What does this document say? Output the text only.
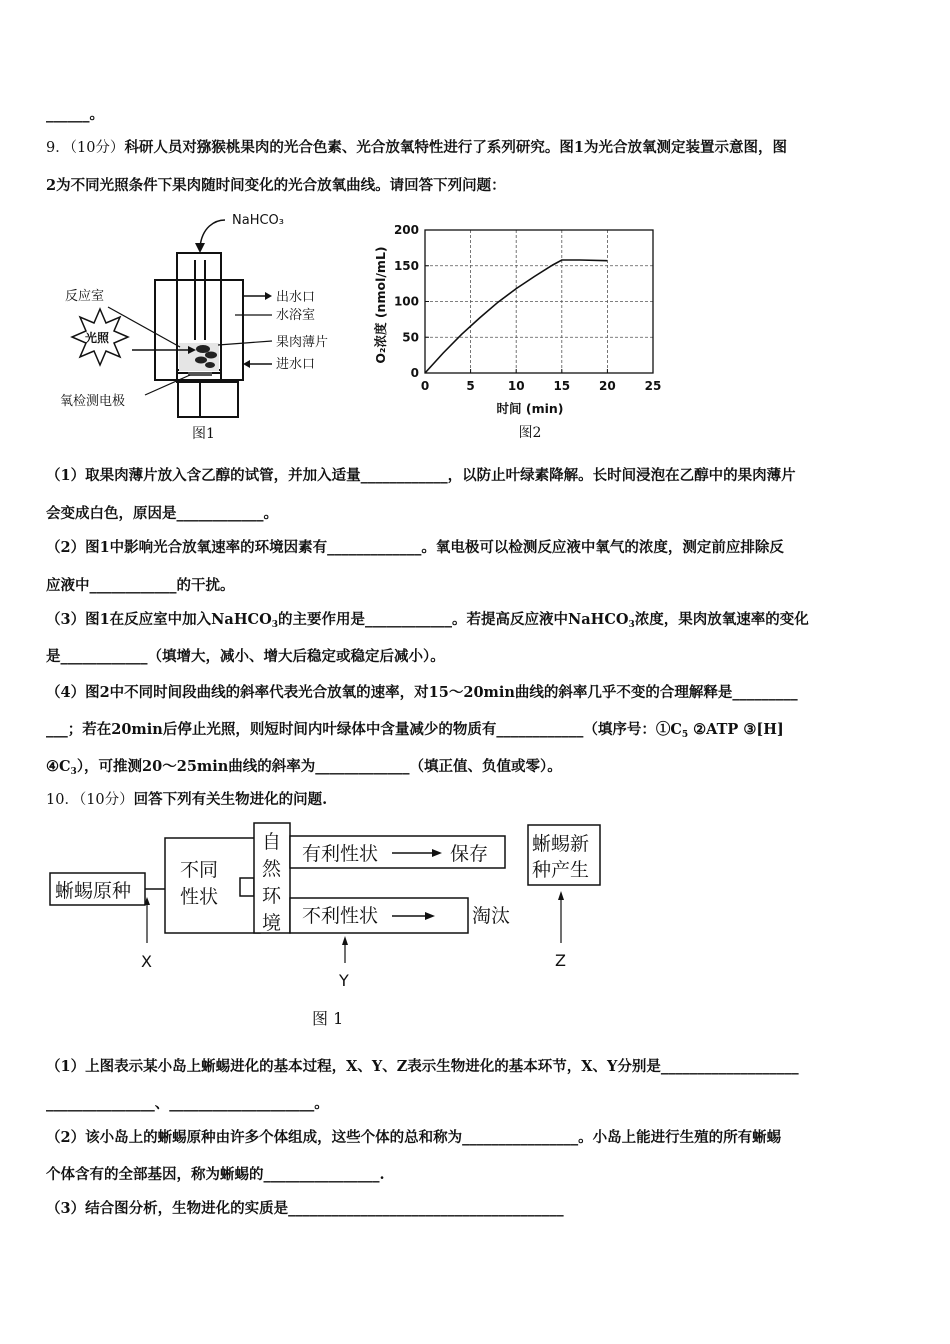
______。
9．（10分）科研人员对猕猴桃果肉的光合色素、光合放氧特性进行了系列研究。图1为光合放氧测定装置示意图，图
2为不同光照条件下果肉随时间变化的光合放氧曲线。请回答下列问题：
NaHCO₃
反应室
光照
氧检测电极
出水口
水浴室
果肉薄片
进水口
图1
0
50
100
150
200
0	5	10 15 20 25
时间 (min)
O₂浓度 (nmol/mL)
图2
（1）取果肉薄片放入含乙醇的试管，并加入适量____________，以防止叶绿素降解。长时间浸泡在乙醇中的果肉薄片
会变成白色，原因是____________。
（2）图1中影响光合放氧速率的环境因素有_____________。氧电极可以检测反应液中氧气的浓度，测定前应排除反
应液中____________的干扰。
（3）图1在反应室中加入NaHCO$_3$的主要作用是____________。若提高反应液中NaHCO$_3$浓度，果肉放氧速率的变化
是____________（填增大，减小、增大后稳定或稳定后减小）。
（4）图2中不同时间段曲线的斜率代表光合放氧的速率，对15～20min曲线的斜率几乎不变的合理解释是_________
___；若在20min后停止光照，则短时间内叶绿体中含量减少的物质有____________（填序号：$①C_5$ ②ATP ③[H]
$④C_3$），可推测20～25min曲线的斜率为_____________（填正值、负值或零）。
10．（10分）回答下列有关生物进化的问题.
蜥蜴原种
不同
性状
自
然
环
境
有利性状	保存 蜥蜴新
种产生
不利性状	淘汰
X
Y
Z
图 1
（1）上图表示某小岛上蜥蜴进化的基本过程，X、Y、Z表示生物进化的基本环节，X、Y分别是___________________
_______________、____________________。
（2）该小岛上的蜥蜴原种由许多个体组成，这些个体的总和称为________________。小岛上能进行生殖的所有蜥蜴
个体含有的全部基因，称为蜥蜴的________________.
（3）结合图分析，生物进化的实质是______________________________________
